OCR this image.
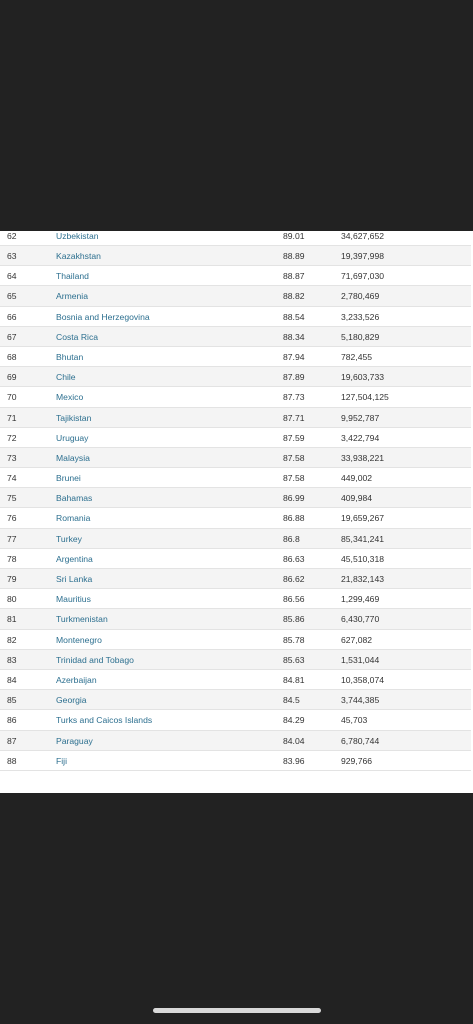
62	Uzbekistan	89.01	34,627,652
63	Kazakhstan	88.89	19,397,998
64	Thailand	88.87	71,697,030
65	Armenia	88.82	2,780,469
66	Bosnia and Herzegovina	88.54	3,233,526
67	Costa Rica	88.34	5,180,829
68	Bhutan	87.94	782,455
69	Chile	87.89	19,603,733
70	Mexico	87.73	127,504,125
71	Tajikistan	87.71	9,952,787
72	Uruguay	87.59	3,422,794
73	Malaysia	87.58	33,938,221
74	Brunei	87.58	449,002
75	Bahamas	86.99	409,984
76	Romania	86.88	19,659,267
77	Turkey	86.8	85,341,241
78	Argentina	86.63	45,510,318
79	Sri Lanka	86.62	21,832,143
80	Mauritius	86.56	1,299,469
81	Turkmenistan	85.86	6,430,770
82	Montenegro	85.78	627,082
83	Trinidad and Tobago	85.63	1,531,044
84	Azerbaijan	84.81	10,358,074
85	Georgia	84.5	3,744,385
86	Turks and Caicos Islands	84.29	45,703
87	Paraguay	84.04	6,780,744
88	Fiji	83.96	929,766
